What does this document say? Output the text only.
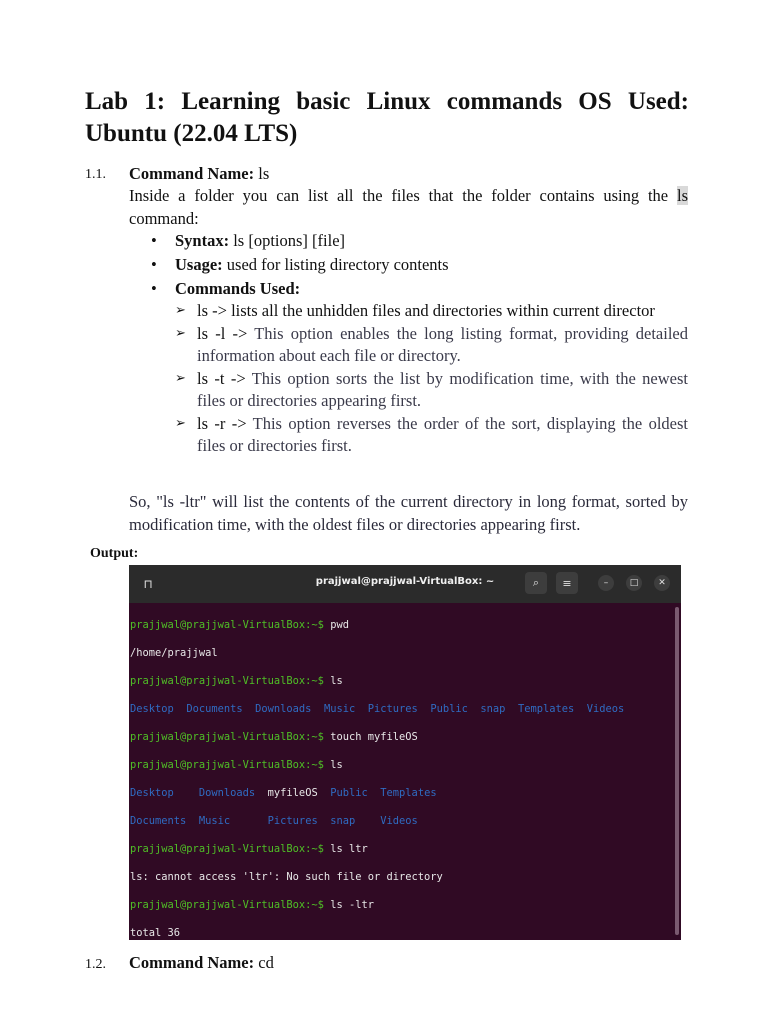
Lab 1: Learning basic Linux commands OS Used: Ubuntu (22.04 LTS)
1.1. Command Name: ls

Inside a folder you can list all the files that the folder contains using the ls command:

• Syntax: ls [options] [file]
• Usage: used for listing directory contents
• Commands Used:
➢ ls -> lists all the unhidden files and directories within current director
➢ ls -l -> This option enables the long listing format, providing detailed information about each file or directory.
➢ ls -t -> This option sorts the list by modification time, with the newest files or directories appearing first.
➢ ls -r -> This option reverses the order of the sort, displaying the oldest files or directories first.

So, "ls -ltr" will list the contents of the current directory in long format, sorted by modification time, with the oldest files or directories appearing first.

Output:
⊓	prajjwal@prajjwal-VirtualBox: ~	⌕	≡	–	□	✕

prajjwal@prajjwal-VirtualBox:~$ pwd

/home/prajjwal

prajjwal@prajjwal-VirtualBox:~$ ls

Desktop Documents Downloads Music Pictures Public snap Templates Videos

prajjwal@prajjwal-VirtualBox:~$ touch myfileOS

prajjwal@prajjwal-VirtualBox:~$ ls

Desktop Downloads myfileOS Public Templates

Documents Music	Pictures snap Videos

prajjwal@prajjwal-VirtualBox:~$ ls ltr

ls: cannot access 'ltr': No such file or directory

prajjwal@prajjwal-VirtualBox:~$ ls -ltr

total 36

1.2. Command Name: cd
